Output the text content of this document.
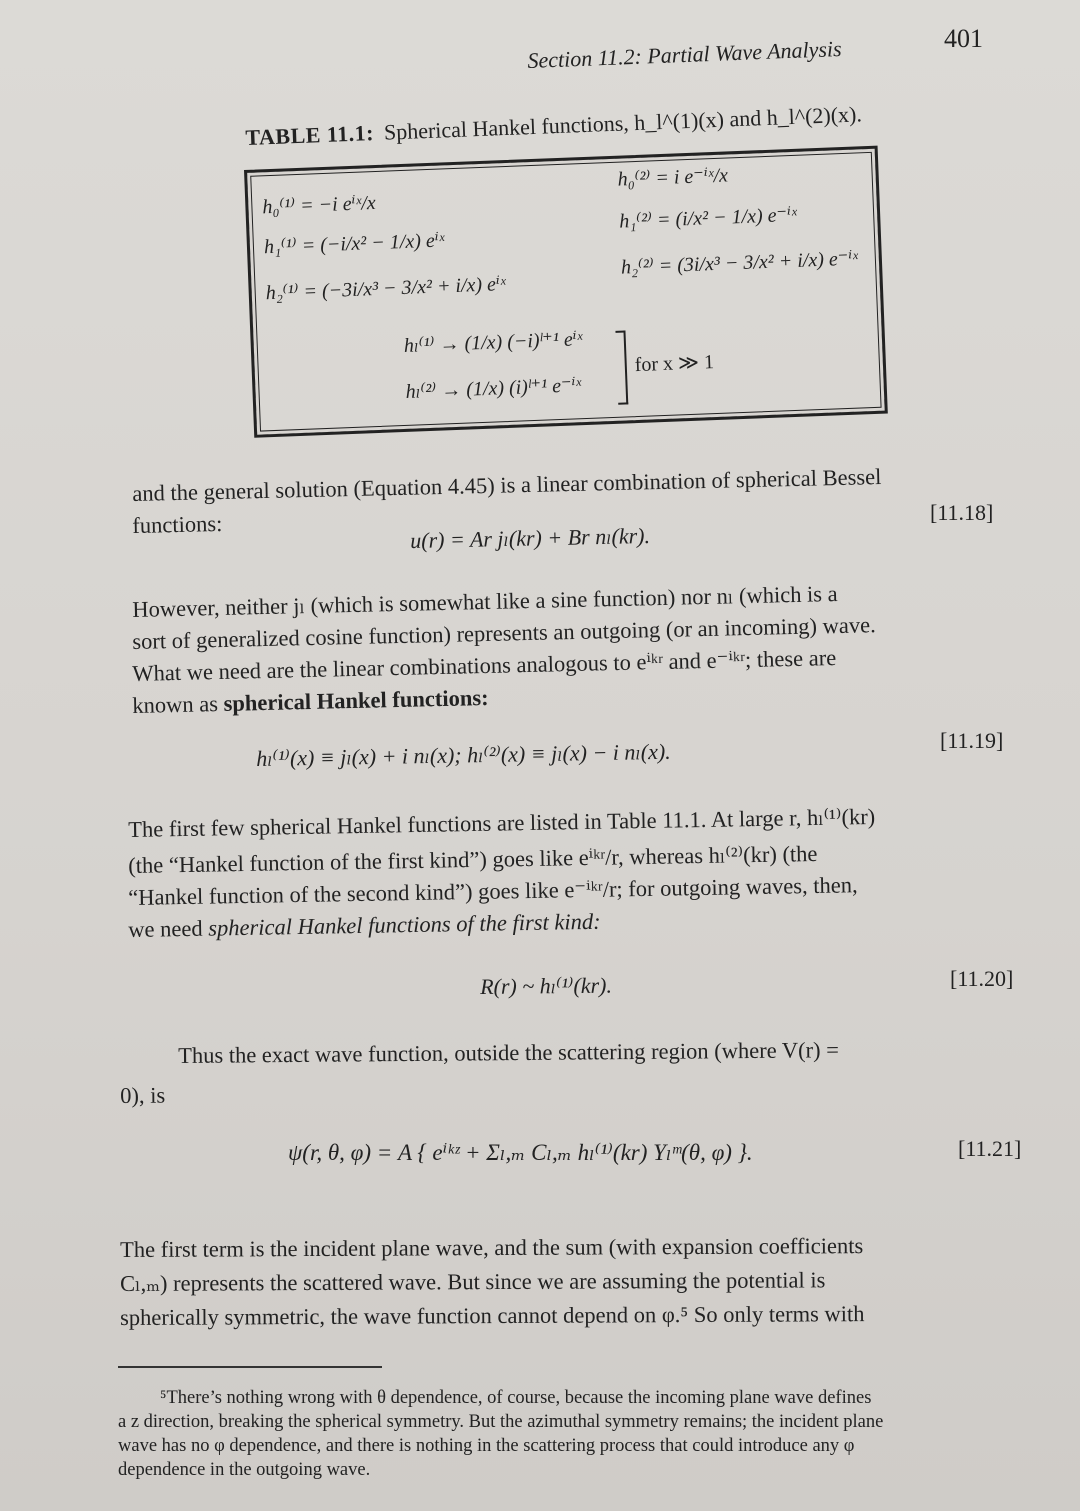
401
Section 11.2: Partial Wave Analysis
TABLE 11.1: Spherical Hankel functions, h_l^(1)(x) and h_l^(2)(x).
h₀⁽¹⁾ = −i eⁱˣ/x
h₁⁽¹⁾ = (−i/x² − 1/x) eⁱˣ
h₂⁽¹⁾ = (−3i/x³ − 3/x² + i/x) eⁱˣ
h₀⁽²⁾ = i e⁻ⁱˣ/x
h₁⁽²⁾ = (i/x² − 1/x) e⁻ⁱˣ
h₂⁽²⁾ = (3i/x³ − 3/x² + i/x) e⁻ⁱˣ
hₗ⁽¹⁾ → (1/x) (−i)ˡ⁺¹ eⁱˣ
hₗ⁽²⁾ → (1/x) (i)ˡ⁺¹ e⁻ⁱˣ
for x ≫ 1
and the general solution (Equation 4.45) is a linear combination of spherical Bessel
functions:	u(r) = Ar jₗ(kr) + Br nₗ(kr).
[11.18]
However, neither jₗ (which is somewhat like a sine function) nor nₗ (which is a
sort of generalized cosine function) represents an outgoing (or an incoming) wave.
What we need are the linear combinations analogous to eⁱᵏʳ and e⁻ⁱᵏʳ; these are
known as spherical Hankel functions:
hₗ⁽¹⁾(x) ≡ jₗ(x) + i nₗ(x); hₗ⁽²⁾(x) ≡ jₗ(x) − i nₗ(x).	[11.19]
The first few spherical Hankel functions are listed in Table 11.1. At large r, hₗ⁽¹⁾(kr)
(the “Hankel function of the first kind”) goes like eⁱᵏʳ/r, whereas hₗ⁽²⁾(kr) (the
“Hankel function of the second kind”) goes like e⁻ⁱᵏʳ/r; for outgoing waves, then,
we need spherical Hankel functions of the first kind:
R(r) ~ hₗ⁽¹⁾(kr).	[11.20]
Thus the exact wave function, outside the scattering region (where V(r) =
0), is
ψ(r, θ, φ) = A { eⁱᵏᶻ + Σₗ,ₘ Cₗ,ₘ hₗ⁽¹⁾(kr) Yₗᵐ(θ, φ) }.	[11.21]
The first term is the incident plane wave, and the sum (with expansion coefficients
Cₗ,ₘ) represents the scattered wave. But since we are assuming the potential is
spherically symmetric, the wave function cannot depend on φ.⁵ So only terms with
⁵There’s nothing wrong with θ dependence, of course, because the incoming plane wave defines
a z direction, breaking the spherical symmetry. But the azimuthal symmetry remains; the incident plane
wave has no φ dependence, and there is nothing in the scattering process that could introduce any φ
dependence in the outgoing wave.
